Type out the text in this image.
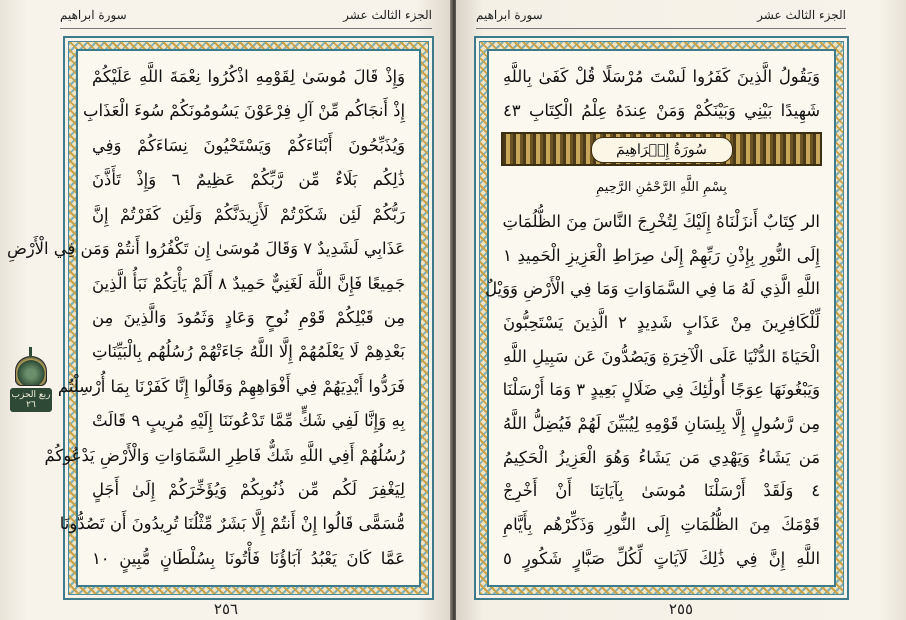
الجزء الثالث عشر
سورة ابراهيم
وَإِذْ قَالَ مُوسَىٰ لِقَوْمِهِ اذْكُرُوا نِعْمَةَ اللَّهِ عَلَيْكُمْ
إِذْ أَنجَاكُم مِّنْ آلِ فِرْعَوْنَ يَسُومُونَكُمْ سُوءَ الْعَذَابِ
وَيُذَبِّحُونَ أَبْنَاءَكُمْ وَيَسْتَحْيُونَ نِسَاءَكُمْ وَفِي
ذَٰلِكُم بَلَاءٌ مِّن رَّبِّكُمْ عَظِيمٌ ٦ وَإِذْ تَأَذَّنَ
رَبُّكُمْ لَئِن شَكَرْتُمْ لَأَزِيدَنَّكُمْ وَلَئِن كَفَرْتُمْ إِنَّ
عَذَابِي لَشَدِيدٌ ٧ وَقَالَ مُوسَىٰ إِن تَكْفُرُوا أَنتُمْ وَمَن فِي الْأَرْضِ
جَمِيعًا فَإِنَّ اللَّهَ لَغَنِيٌّ حَمِيدٌ ٨ أَلَمْ يَأْتِكُمْ نَبَأُ الَّذِينَ
مِن قَبْلِكُمْ قَوْمِ نُوحٍ وَعَادٍ وَثَمُودَ وَالَّذِينَ مِن
بَعْدِهِمْ لَا يَعْلَمُهُمْ إِلَّا اللَّهُ جَاءَتْهُمْ رُسُلُهُم بِالْبَيِّنَاتِ
فَرَدُّوا أَيْدِيَهُمْ فِي أَفْوَاهِهِمْ وَقَالُوا إِنَّا كَفَرْنَا بِمَا أُرْسِلْتُم
بِهِ وَإِنَّا لَفِي شَكٍّ مِّمَّا تَدْعُونَنَا إِلَيْهِ مُرِيبٍ ٩ قَالَتْ
رُسُلُهُمْ أَفِي اللَّهِ شَكٌّ فَاطِرِ السَّمَاوَاتِ وَالْأَرْضِ يَدْعُوكُمْ
لِيَغْفِرَ لَكُم مِّن ذُنُوبِكُمْ وَيُؤَخِّرَكُمْ إِلَىٰ أَجَلٍ
مُّسَمًّى قَالُوا إِنْ أَنتُمْ إِلَّا بَشَرٌ مِّثْلُنَا تُرِيدُونَ أَن تَصُدُّونَا
عَمَّا كَانَ يَعْبُدُ آبَاؤُنَا فَأْتُونَا بِسُلْطَانٍ مُّبِينٍ ١٠
ربع الحزب ٢٦
٢٥٦
الجزء الثالث عشر
سورة ابراهيم
وَيَقُولُ الَّذِينَ كَفَرُوا لَسْتَ مُرْسَلًا قُلْ كَفَىٰ بِاللَّهِ
شَهِيدًا بَيْنِي وَبَيْنَكُمْ وَمَنْ عِندَهُ عِلْمُ الْكِتَابِ ٤٣
سُورَةُ إِبۡرَاهِيمَ
بِسْمِ اللَّهِ الرَّحْمَٰنِ الرَّحِيمِ
الر كِتَابٌ أَنزَلْنَاهُ إِلَيْكَ لِتُخْرِجَ النَّاسَ مِنَ الظُّلُمَاتِ
إِلَى النُّورِ بِإِذْنِ رَبِّهِمْ إِلَىٰ صِرَاطِ الْعَزِيزِ الْحَمِيدِ ١
اللَّهِ الَّذِي لَهُ مَا فِي السَّمَاوَاتِ وَمَا فِي الْأَرْضِ وَوَيْلٌ
لِّلْكَافِرِينَ مِنْ عَذَابٍ شَدِيدٍ ٢ الَّذِينَ يَسْتَحِبُّونَ
الْحَيَاةَ الدُّنْيَا عَلَى الْآخِرَةِ وَيَصُدُّونَ عَن سَبِيلِ اللَّهِ
وَيَبْغُونَهَا عِوَجًا أُولَٰئِكَ فِي ضَلَالٍ بَعِيدٍ ٣ وَمَا أَرْسَلْنَا
مِن رَّسُولٍ إِلَّا بِلِسَانِ قَوْمِهِ لِيُبَيِّنَ لَهُمْ فَيُضِلُّ اللَّهُ
مَن يَشَاءُ وَيَهْدِي مَن يَشَاءُ وَهُوَ الْعَزِيزُ الْحَكِيمُ
٤ وَلَقَدْ أَرْسَلْنَا مُوسَىٰ بِآيَاتِنَا أَنْ أَخْرِجْ
قَوْمَكَ مِنَ الظُّلُمَاتِ إِلَى النُّورِ وَذَكِّرْهُم بِأَيَّامِ
اللَّهِ إِنَّ فِي ذَٰلِكَ لَآيَاتٍ لِّكُلِّ صَبَّارٍ شَكُورٍ ٥
٢٥٥
